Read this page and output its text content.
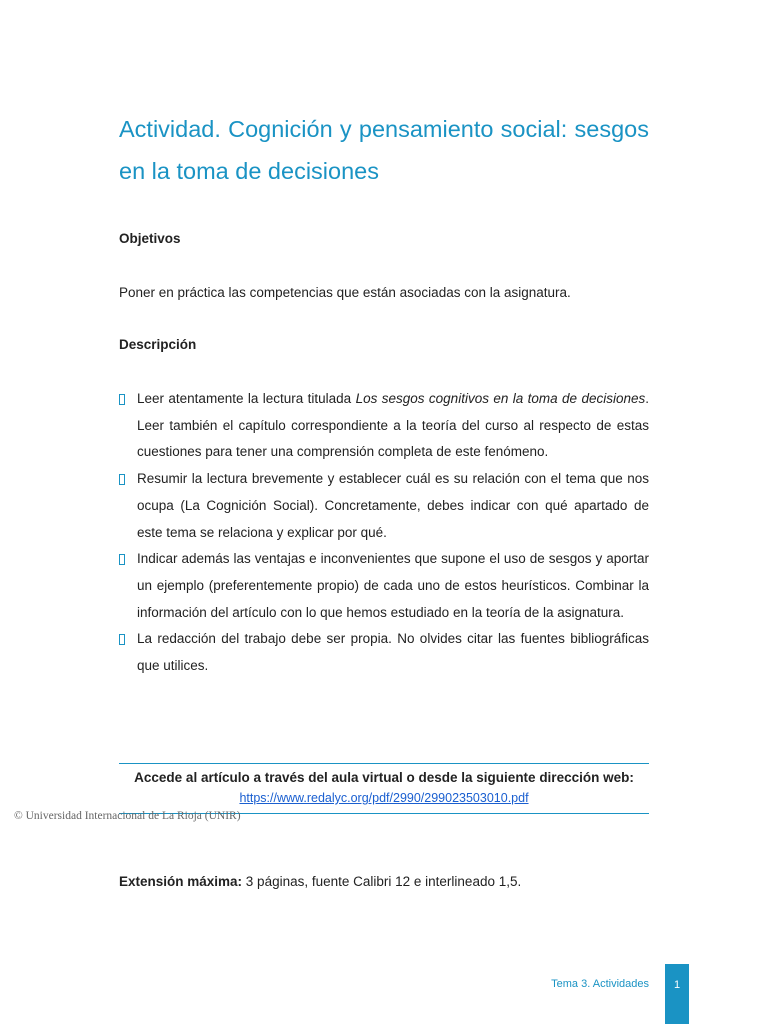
Actividad. Cognición y pensamiento social: sesgos en la toma de decisiones

Objetivos

Poner en práctica las competencias que están asociadas con la asignatura.

Descripción

Leer atentamente la lectura titulada Los sesgos cognitivos en la toma de decisiones. Leer también el capítulo correspondiente a la teoría del curso al respecto de estas cuestiones para tener una comprensión completa de este fenómeno.
Resumir la lectura brevemente y establecer cuál es su relación con el tema que nos ocupa (La Cognición Social). Concretamente, debes indicar con qué apartado de este tema se relaciona y explicar por qué.
Indicar además las ventajas e inconvenientes que supone el uso de sesgos y aportar un ejemplo (preferentemente propio) de cada uno de estos heurísticos. Combinar la información del artículo con lo que hemos estudiado en la teoría de la asignatura.
La redacción del trabajo debe ser propia. No olvides citar las fuentes bibliográficas que utilices.

Accede al artículo a través del aula virtual o desde la siguiente dirección web:

https://www.redalyc.org/pdf/2990/299023503010.pdf

© Universidad Internacional de La Rioja (UNIR)

Extensión máxima: 3 páginas, fuente Calibri 12 e interlineado 1,5.

Tema 3. Actividades	1
